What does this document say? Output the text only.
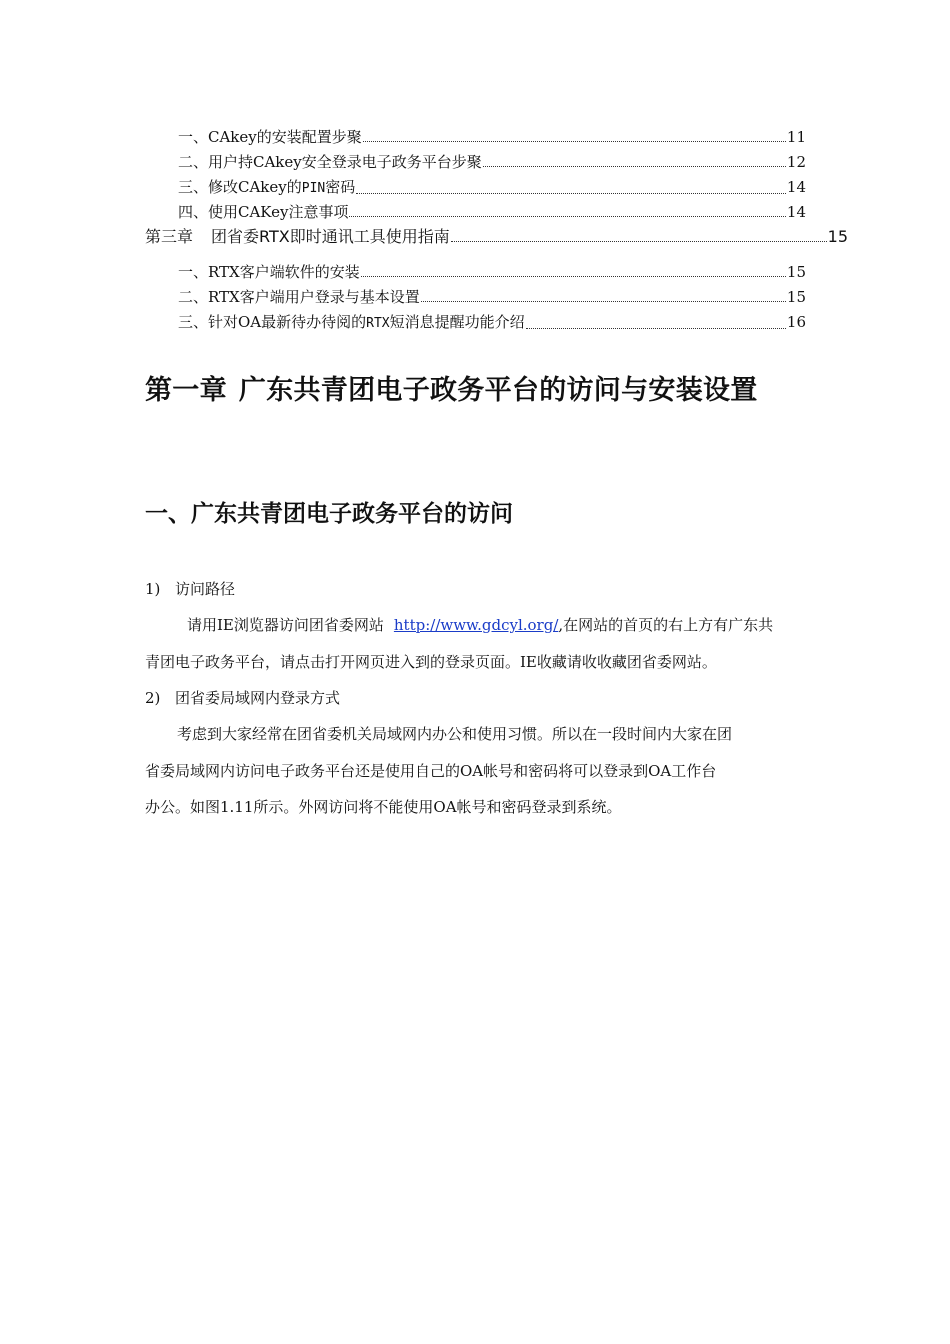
一、CAkey的安装配置步聚	11
二、用户持CAkey安全登录电子政务平台步聚	12
三、修改CAkey的PIN密码	14
四、使用CAKey注意事项	14
第三章 团省委RTX即时通讯工具使用指南	15
一、RTX客户端软件的安装	15
二、RTX客户端用户登录与基本设置	15
三、针对OA最新待办待阅的RTX短消息提醒功能介绍	16
第一章 广东共青团电子政务平台的访问与安装设置
一、广东共青团电子政务平台的访问
1) 访问路径
请用IE浏览器访问团省委网站 http://www.gdcyl.org/,在网站的首页的右上方有广东共
青团电子政务平台，请点击打开网页进入到的登录页面。IE收藏请收收藏团省委网站。
2) 团省委局域网内登录方式
考虑到大家经常在团省委机关局域网内办公和使用习惯。所以在一段时间内大家在团
省委局域网内访问电子政务平台还是使用自己的OA帐号和密码将可以登录到OA工作台
办公。如图1.11所示。外网访问将不能使用OA帐号和密码登录到系统。
